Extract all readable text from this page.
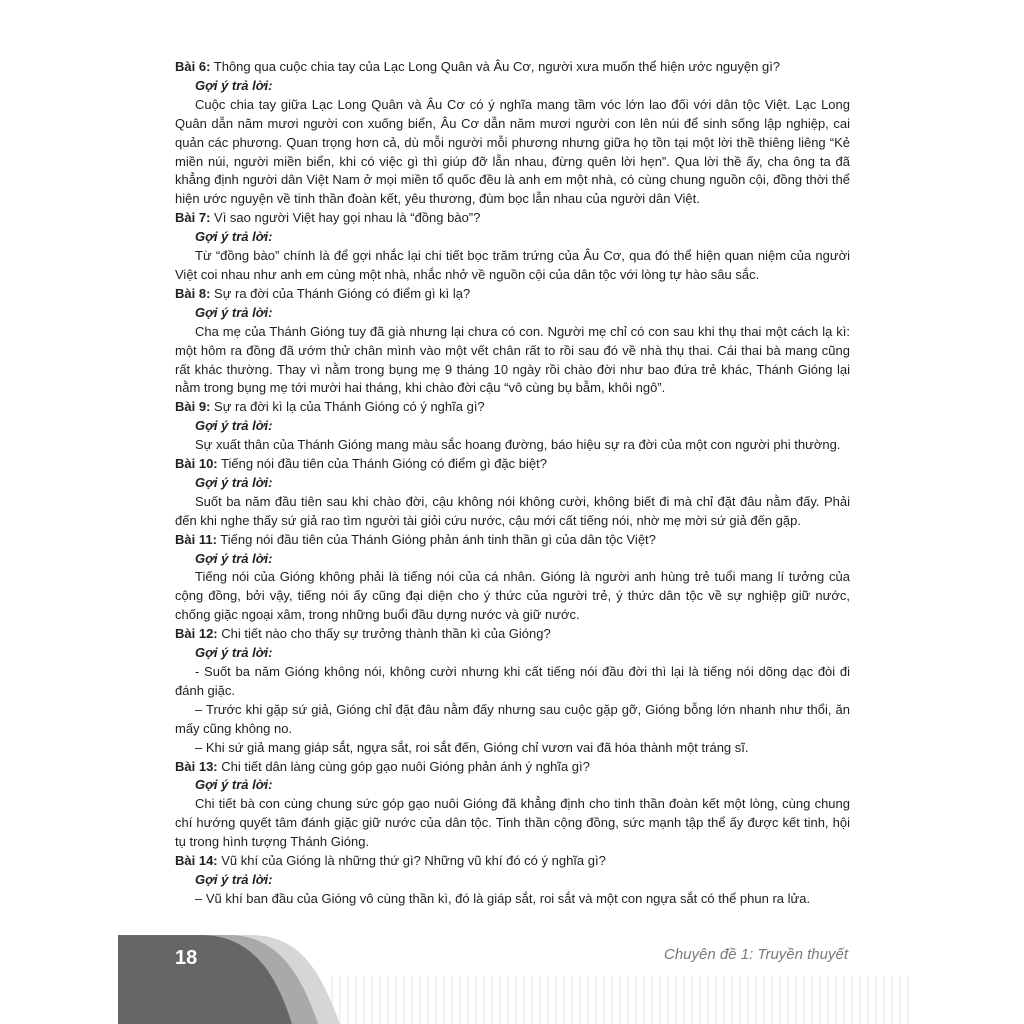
Bài 6: Thông qua cuộc chia tay của Lạc Long Quân và Âu Cơ, người xưa muốn thể hiện ước nguyện gì?

Gợi ý trả lời:

Cuộc chia tay giữa Lạc Long Quân và Âu Cơ có ý nghĩa mang tầm vóc lớn lao đối với dân tộc Việt. Lạc Long Quân dẫn năm mươi người con xuống biển, Âu Cơ dẫn năm mươi người con lên núi để sinh sống lập nghiệp, cai quản các phương. Quan trọng hơn cả, dù mỗi người mỗi phương nhưng giữa họ tồn tại một lời thề thiêng liêng “Kẻ miền núi, người miền biển, khi có việc gì thì giúp đỡ lẫn nhau, đừng quên lời hẹn”. Qua lời thề ấy, cha ông ta đã khẳng định người dân Việt Nam ở mọi miền tổ quốc đều là anh em một nhà, có cùng chung nguồn cội, đồng thời thể hiện ước nguyện về tinh thần đoàn kết, yêu thương, đùm bọc lẫn nhau của người dân Việt.

Bài 7: Vì sao người Việt hay gọi nhau là “đồng bào”?

Gợi ý trả lời:

Từ “đồng bào” chính là để gợi nhắc lại chi tiết bọc trăm trứng của Âu Cơ, qua đó thể hiện quan niệm của người Việt coi nhau như anh em cùng một nhà, nhắc nhở về nguồn cội của dân tộc với lòng tự hào sâu sắc.

Bài 8: Sự ra đời của Thánh Gióng có điểm gì kì lạ?

Gợi ý trả lời:

Cha mẹ của Thánh Gióng tuy đã già nhưng lại chưa có con. Người mẹ chỉ có con sau khi thụ thai một cách lạ kì: một hôm ra đồng đã ướm thử chân mình vào một vết chân rất to rồi sau đó về nhà thụ thai. Cái thai bà mang cũng rất khác thường. Thay vì nằm trong bụng mẹ 9 tháng 10 ngày rồi chào đời như bao đứa trẻ khác, Thánh Gióng lại nằm trong bụng mẹ tới mười hai tháng, khi chào đời cậu “vô cùng bụ bẫm, khôi ngô”.

Bài 9: Sự ra đời kì lạ của Thánh Gióng có ý nghĩa gì?

Gợi ý trả lời:

Sự xuất thân của Thánh Gióng mang màu sắc hoang đường, báo hiệu sự ra đời của một con người phi thường.

Bài 10: Tiếng nói đầu tiên của Thánh Gióng có điểm gì đặc biệt?

Gợi ý trả lời:

Suốt ba năm đầu tiên sau khi chào đời, cậu không nói không cười, không biết đi mà chỉ đặt đâu nằm đấy. Phải đến khi nghe thấy sứ giả rao tìm người tài giỏi cứu nước, cậu mới cất tiếng nói, nhờ mẹ mời sứ giả đến gặp.

Bài 11: Tiếng nói đầu tiên của Thánh Gióng phản ánh tinh thần gì của dân tộc Việt?

Gợi ý trả lời:

Tiếng nói của Gióng không phải là tiếng nói của cá nhân. Gióng là người anh hùng trẻ tuổi mang lí tưởng của cộng đồng, bởi vậy, tiếng nói ấy cũng đại diện cho ý thức của người trẻ, ý thức dân tộc về sự nghiệp giữ nước, chống giặc ngoại xâm, trong những buổi đầu dựng nước và giữ nước.

Bài 12: Chi tiết nào cho thấy sự trưởng thành thần kì của Gióng?

Gợi ý trả lời:

- Suốt ba năm Gióng không nói, không cười nhưng khi cất tiếng nói đầu đời thì lại là tiếng nói dõng dạc đòi đi đánh giặc.

– Trước khi gặp sứ giả, Gióng chỉ đặt đâu nằm đấy nhưng sau cuộc gặp gỡ, Gióng bỗng lớn nhanh như thổi, ăn mấy cũng không no.

– Khi sứ giả mang giáp sắt, ngựa sắt, roi sắt đến, Gióng chỉ vươn vai đã hóa thành một tráng sĩ.

Bài 13: Chi tiết dân làng cùng góp gạo nuôi Gióng phản ánh ý nghĩa gì?

Gợi ý trả lời:

Chi tiết bà con cùng chung sức góp gạo nuôi Gióng đã khẳng định cho tinh thần đoàn kết một lòng, cùng chung chí hướng quyết tâm đánh giặc giữ nước của dân tộc. Tinh thần cộng đồng, sức mạnh tập thể ấy được kết tinh, hội tụ trong hình tượng Thánh Gióng.

Bài 14: Vũ khí của Gióng là những thứ gì? Những vũ khí đó có ý nghĩa gì?

Gợi ý trả lời:

– Vũ khí ban đầu của Gióng vô cùng thần kì, đó là giáp sắt, roi sắt và một con ngựa sắt có thể phun ra lửa.

18	Chuyên đề 1: Truyền thuyết
